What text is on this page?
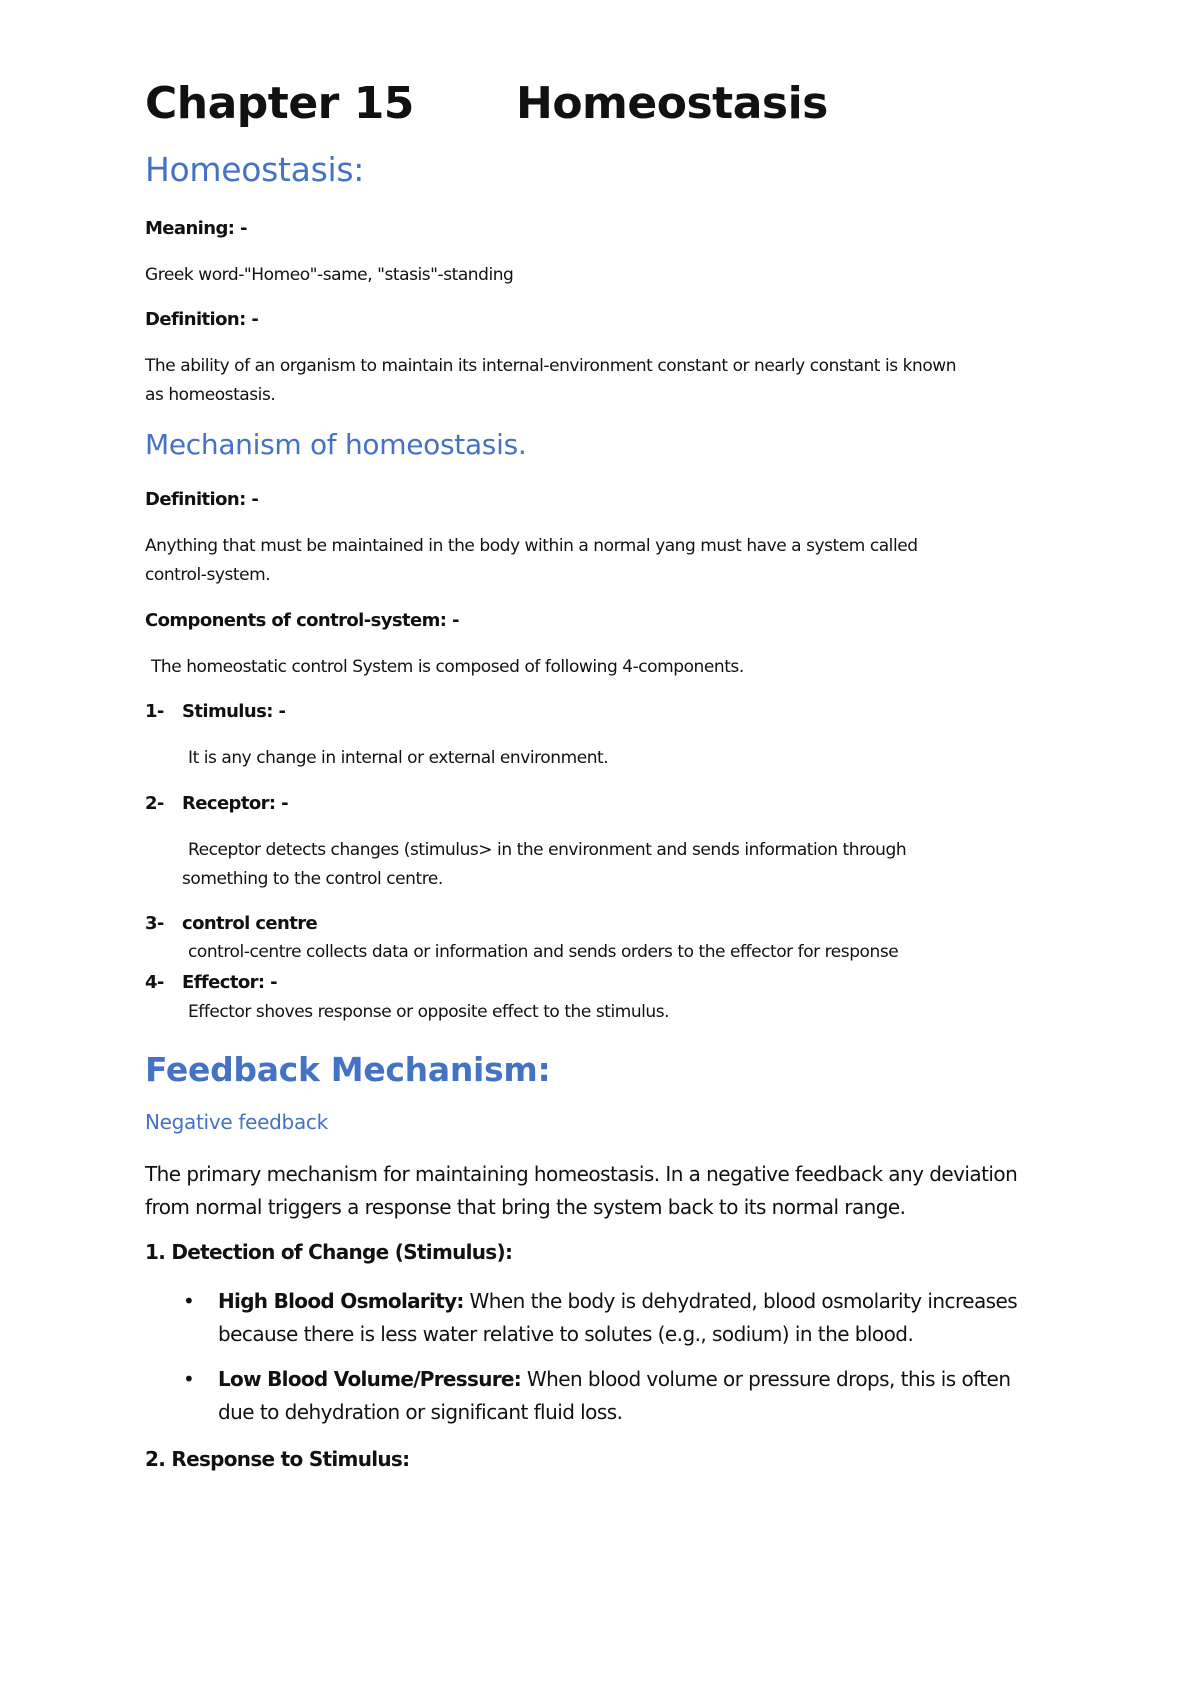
Chapter 15 Homeostasis
Homeostasis:
Meaning: -
Greek word-"Homeo"-same, "stasis"-standing
Definition: -
The ability of an organism to maintain its internal-environment constant or nearly constant is known
as homeostasis.
Mechanism of homeostasis.
Definition: -
Anything that must be maintained in the body within a normal yang must have a system called
control-system.
Components of control-system: -
The homeostatic control System is composed of following 4-components.
1- Stimulus: -
It is any change in internal or external environment.
2- Receptor: -
Receptor detects changes (stimulus> in the environment and sends information through
something to the control centre.
3- control centre
control-centre collects data or information and sends orders to the effector for response
4- Effector: -
Effector shoves response or opposite effect to the stimulus.
Feedback Mechanism:
Negative feedback
The primary mechanism for maintaining homeostasis. In a negative feedback any deviation
from normal triggers a response that bring the system back to its normal range.
1. Detection of Change (Stimulus):
• High Blood Osmolarity: When the body is dehydrated, blood osmolarity increases
because there is less water relative to solutes (e.g., sodium) in the blood.
• Low Blood Volume/Pressure: When blood volume or pressure drops, this is often
due to dehydration or significant fluid loss.
2. Response to Stimulus:
